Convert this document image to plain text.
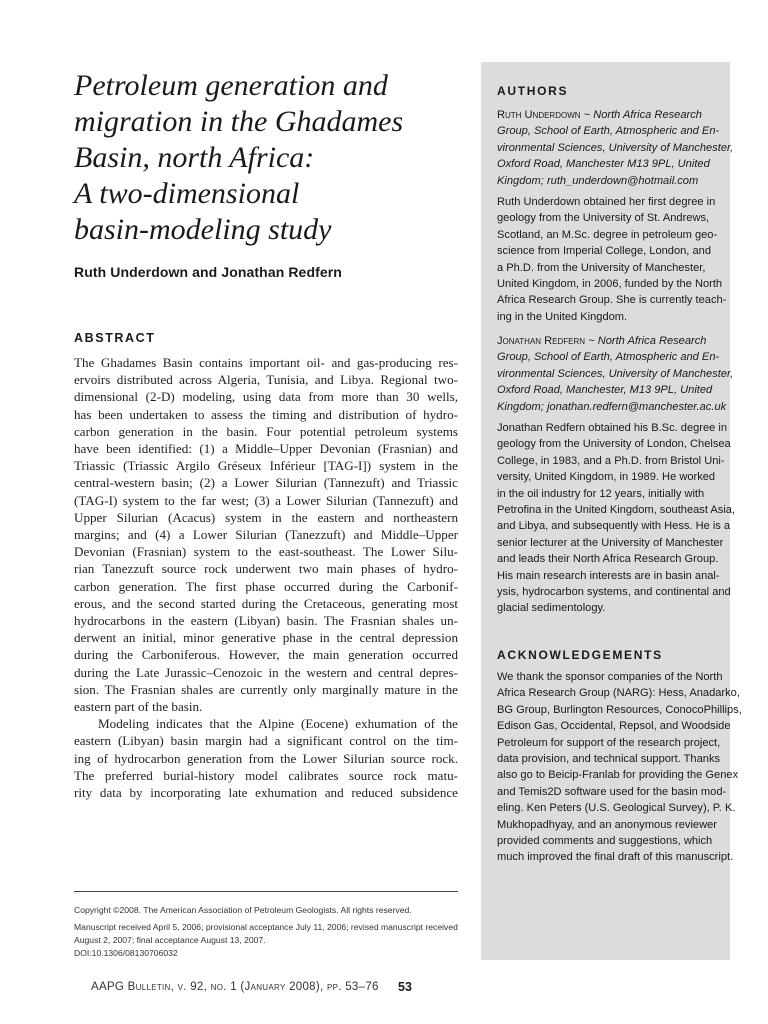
Petroleum generation and
migration in the Ghadames
Basin, north Africa:
A two-dimensional
basin-modeling study

Ruth Underdown and Jonathan Redfern

ABSTRACT
The Ghadames Basin contains important oil- and gas-producing res-
ervoirs distributed across Algeria, Tunisia, and Libya. Regional two-
dimensional (2-D) modeling, using data from more than 30 wells,
has been undertaken to assess the timing and distribution of hydro-
carbon generation in the basin. Four potential petroleum systems
have been identified: (1) a Middle–Upper Devonian (Frasnian) and
Triassic (Triassic Argilo Gréseux Inférieur [TAG-I]) system in the
central-western basin; (2) a Lower Silurian (Tannezuft) and Triassic
(TAG-I) system to the far west; (3) a Lower Silurian (Tannezuft) and
Upper Silurian (Acacus) system in the eastern and northeastern
margins; and (4) a Lower Silurian (Tanezzuft) and Middle–Upper
Devonian (Frasnian) system to the east-southeast. The Lower Silu-
rian Tanezzuft source rock underwent two main phases of hydro-
carbon generation. The first phase occurred during the Carbonif-
erous, and the second started during the Cretaceous, generating most
hydrocarbons in the eastern (Libyan) basin. The Frasnian shales un-
derwent an initial, minor generative phase in the central depression
during the Carboniferous. However, the main generation occurred
during the Late Jurassic–Cenozoic in the western and central depres-
sion. The Frasnian shales are currently only marginally mature in the
eastern part of the basin.
Modeling indicates that the Alpine (Eocene) exhumation of the
eastern (Libyan) basin margin had a significant control on the tim-
ing of hydrocarbon generation from the Lower Silurian source rock.
The preferred burial-history model calibrates source rock matu-
rity data by incorporating late exhumation and reduced subsidence
Copyright ©2008. The American Association of Petroleum Geologists. All rights reserved.
Manuscript received April 5, 2006; provisional acceptance July 11, 2006; revised manuscript received
August 2, 2007; final acceptance August 13, 2007.
DOI:10.1306/08130706032
AAPG Bulletin, v. 92, no. 1 (January 2008), pp. 53–76 53
AUTHORS
Ruth Underdown ~ North Africa Research
Group, School of Earth, Atmospheric and En-
vironmental Sciences, University of Manchester,
Oxford Road, Manchester M13 9PL, United
Kingdom; ruth_underdown@hotmail.com
Ruth Underdown obtained her first degree in
geology from the University of St. Andrews,
Scotland, an M.Sc. degree in petroleum geo-
science from Imperial College, London, and
a Ph.D. from the University of Manchester,
United Kingdom, in 2006, funded by the North
Africa Research Group. She is currently teach-
ing in the United Kingdom.
Jonathan Redfern ~ North Africa Research
Group, School of Earth, Atmospheric and En-
vironmental Sciences, University of Manchester,
Oxford Road, Manchester, M13 9PL, United
Kingdom; jonathan.redfern@manchester.ac.uk
Jonathan Redfern obtained his B.Sc. degree in
geology from the University of London, Chelsea
College, in 1983, and a Ph.D. from Bristol Uni-
versity, United Kingdom, in 1989. He worked
in the oil industry for 12 years, initially with
Petrofina in the United Kingdom, southeast Asia,
and Libya, and subsequently with Hess. He is a
senior lecturer at the University of Manchester
and leads their North Africa Research Group.
His main research interests are in basin anal-
ysis, hydrocarbon systems, and continental and
glacial sedimentology.
ACKNOWLEDGEMENTS
We thank the sponsor companies of the North
Africa Research Group (NARG): Hess, Anadarko,
BG Group, Burlington Resources, ConocoPhillips,
Edison Gas, Occidental, Repsol, and Woodside
Petroleum for support of the research project,
data provision, and technical support. Thanks
also go to Beicip-Franlab for providing the Genex
and Temis2D software used for the basin mod-
eling. Ken Peters (U.S. Geological Survey), P. K.
Mukhopadhyay, and an anonymous reviewer
provided comments and suggestions, which
much improved the final draft of this manuscript.
